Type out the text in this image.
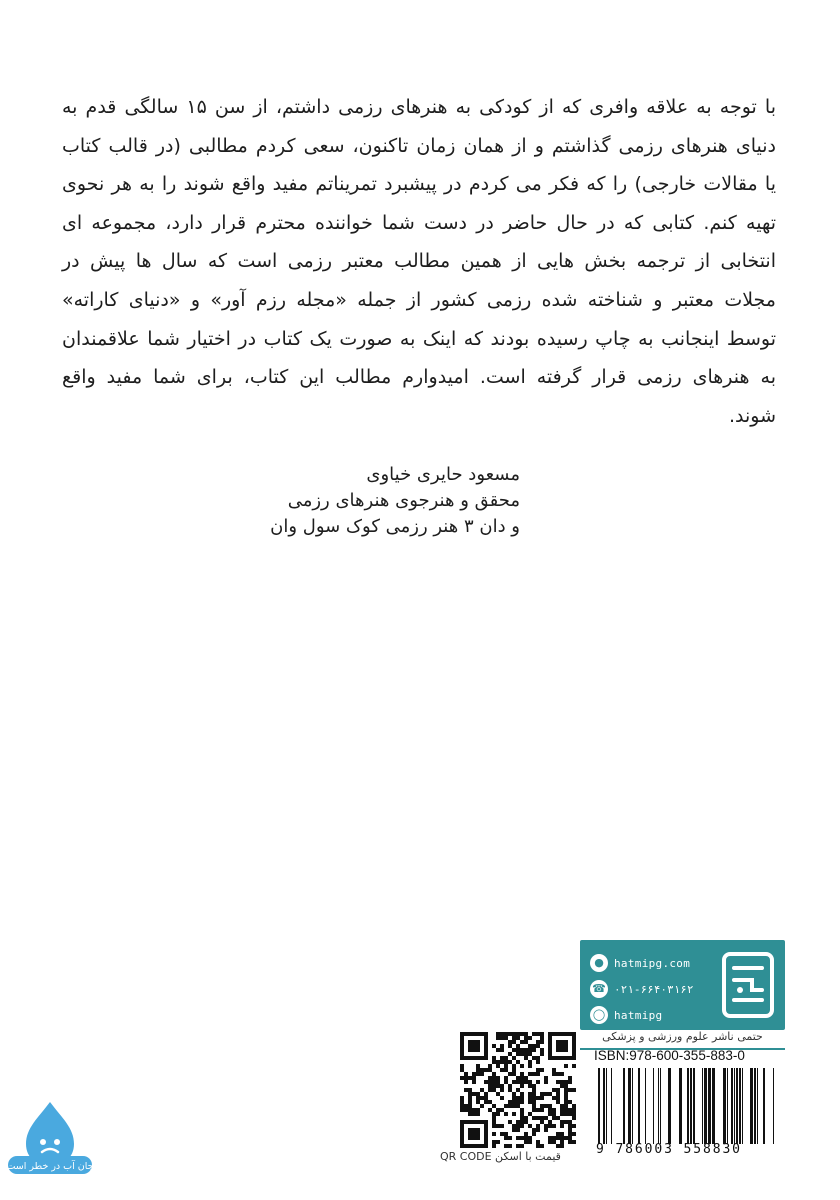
با توجه به علاقه وافری که از کودکی به هنرهای رزمی داشتم، از سن ۱۵ سالگی قدم به دنیای هنرهای رزمی گذاشتم و از همان زمان تاکنون، سعی کردم مطالبی (در قالب کتاب یا مقالات خارجی) را که فکر می کردم در پیشبرد تمریناتم مفید واقع شوند را به هر نحوی تهیه کنم. کتابی که در حال حاضر در دست شما خواننده محترم قرار دارد، مجموعه ای انتخابی از ترجمه بخش هایی از همین مطالب معتبر رزمی است که سال ها پیش در مجلات معتبر و شناخته شده رزمی کشور از جمله «مجله رزم آور» و «دنیای کاراته» توسط اینجانب به چاپ رسیده بودند که اینک به صورت یک کتاب در اختیار شما علاقمندان به هنرهای رزمی قرار گرفته است. امیدوارم مطالب این کتاب، برای شما مفید واقع شوند.
مسعود حایری خیاوی
محقق و هنرجوی هنرهای رزمی
و دان ۳ هنر رزمی کوک سول وان
● hatmipg.com
☎ ۰۲۱-۶۶۴۰۳۱۶۲
◯ hatmipg
حتمی ناشر علوم ورزشی و پزشکی
ISBN:978-600-355-883-0
9 786003 558830
قیمت با اسکن QR CODE
جان آب در خطر است
